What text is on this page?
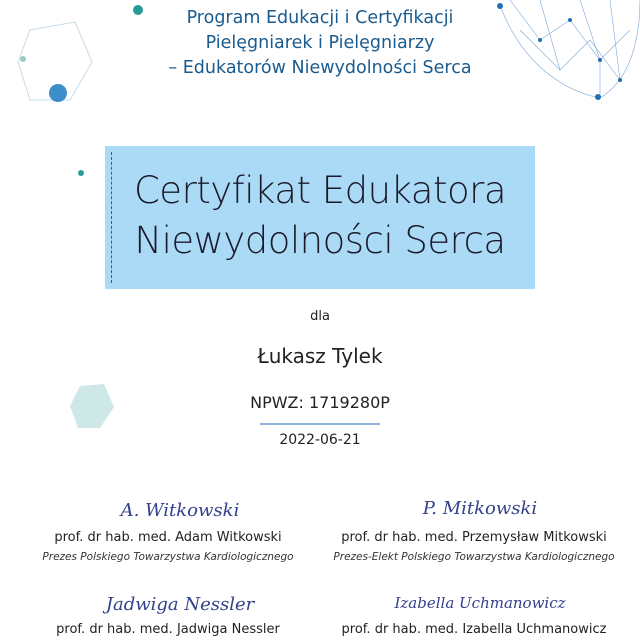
Program Edukacji i Certyfikacji
Pielęgniarek i Pielęgniarzy
– Edukatorów Niewydolności Serca
Certyfikat Edukatora
Niewydolności Serca
dla
Łukasz Tylek
NPWZ: 1719280P
2022-06-21
A. Witkowski
prof. dr hab. med. Adam Witkowski
Prezes Polskiego Towarzystwa Kardiologicznego
P. Mitkowski
prof. dr hab. med. Przemysław Mitkowski
Prezes-Elekt Polskiego Towarzystwa Kardiologicznego
Jadwiga Nessler
prof. dr hab. med. Jadwiga Nessler
Izabella Uchmanowicz
prof. dr hab. med. Izabella Uchmanowicz
